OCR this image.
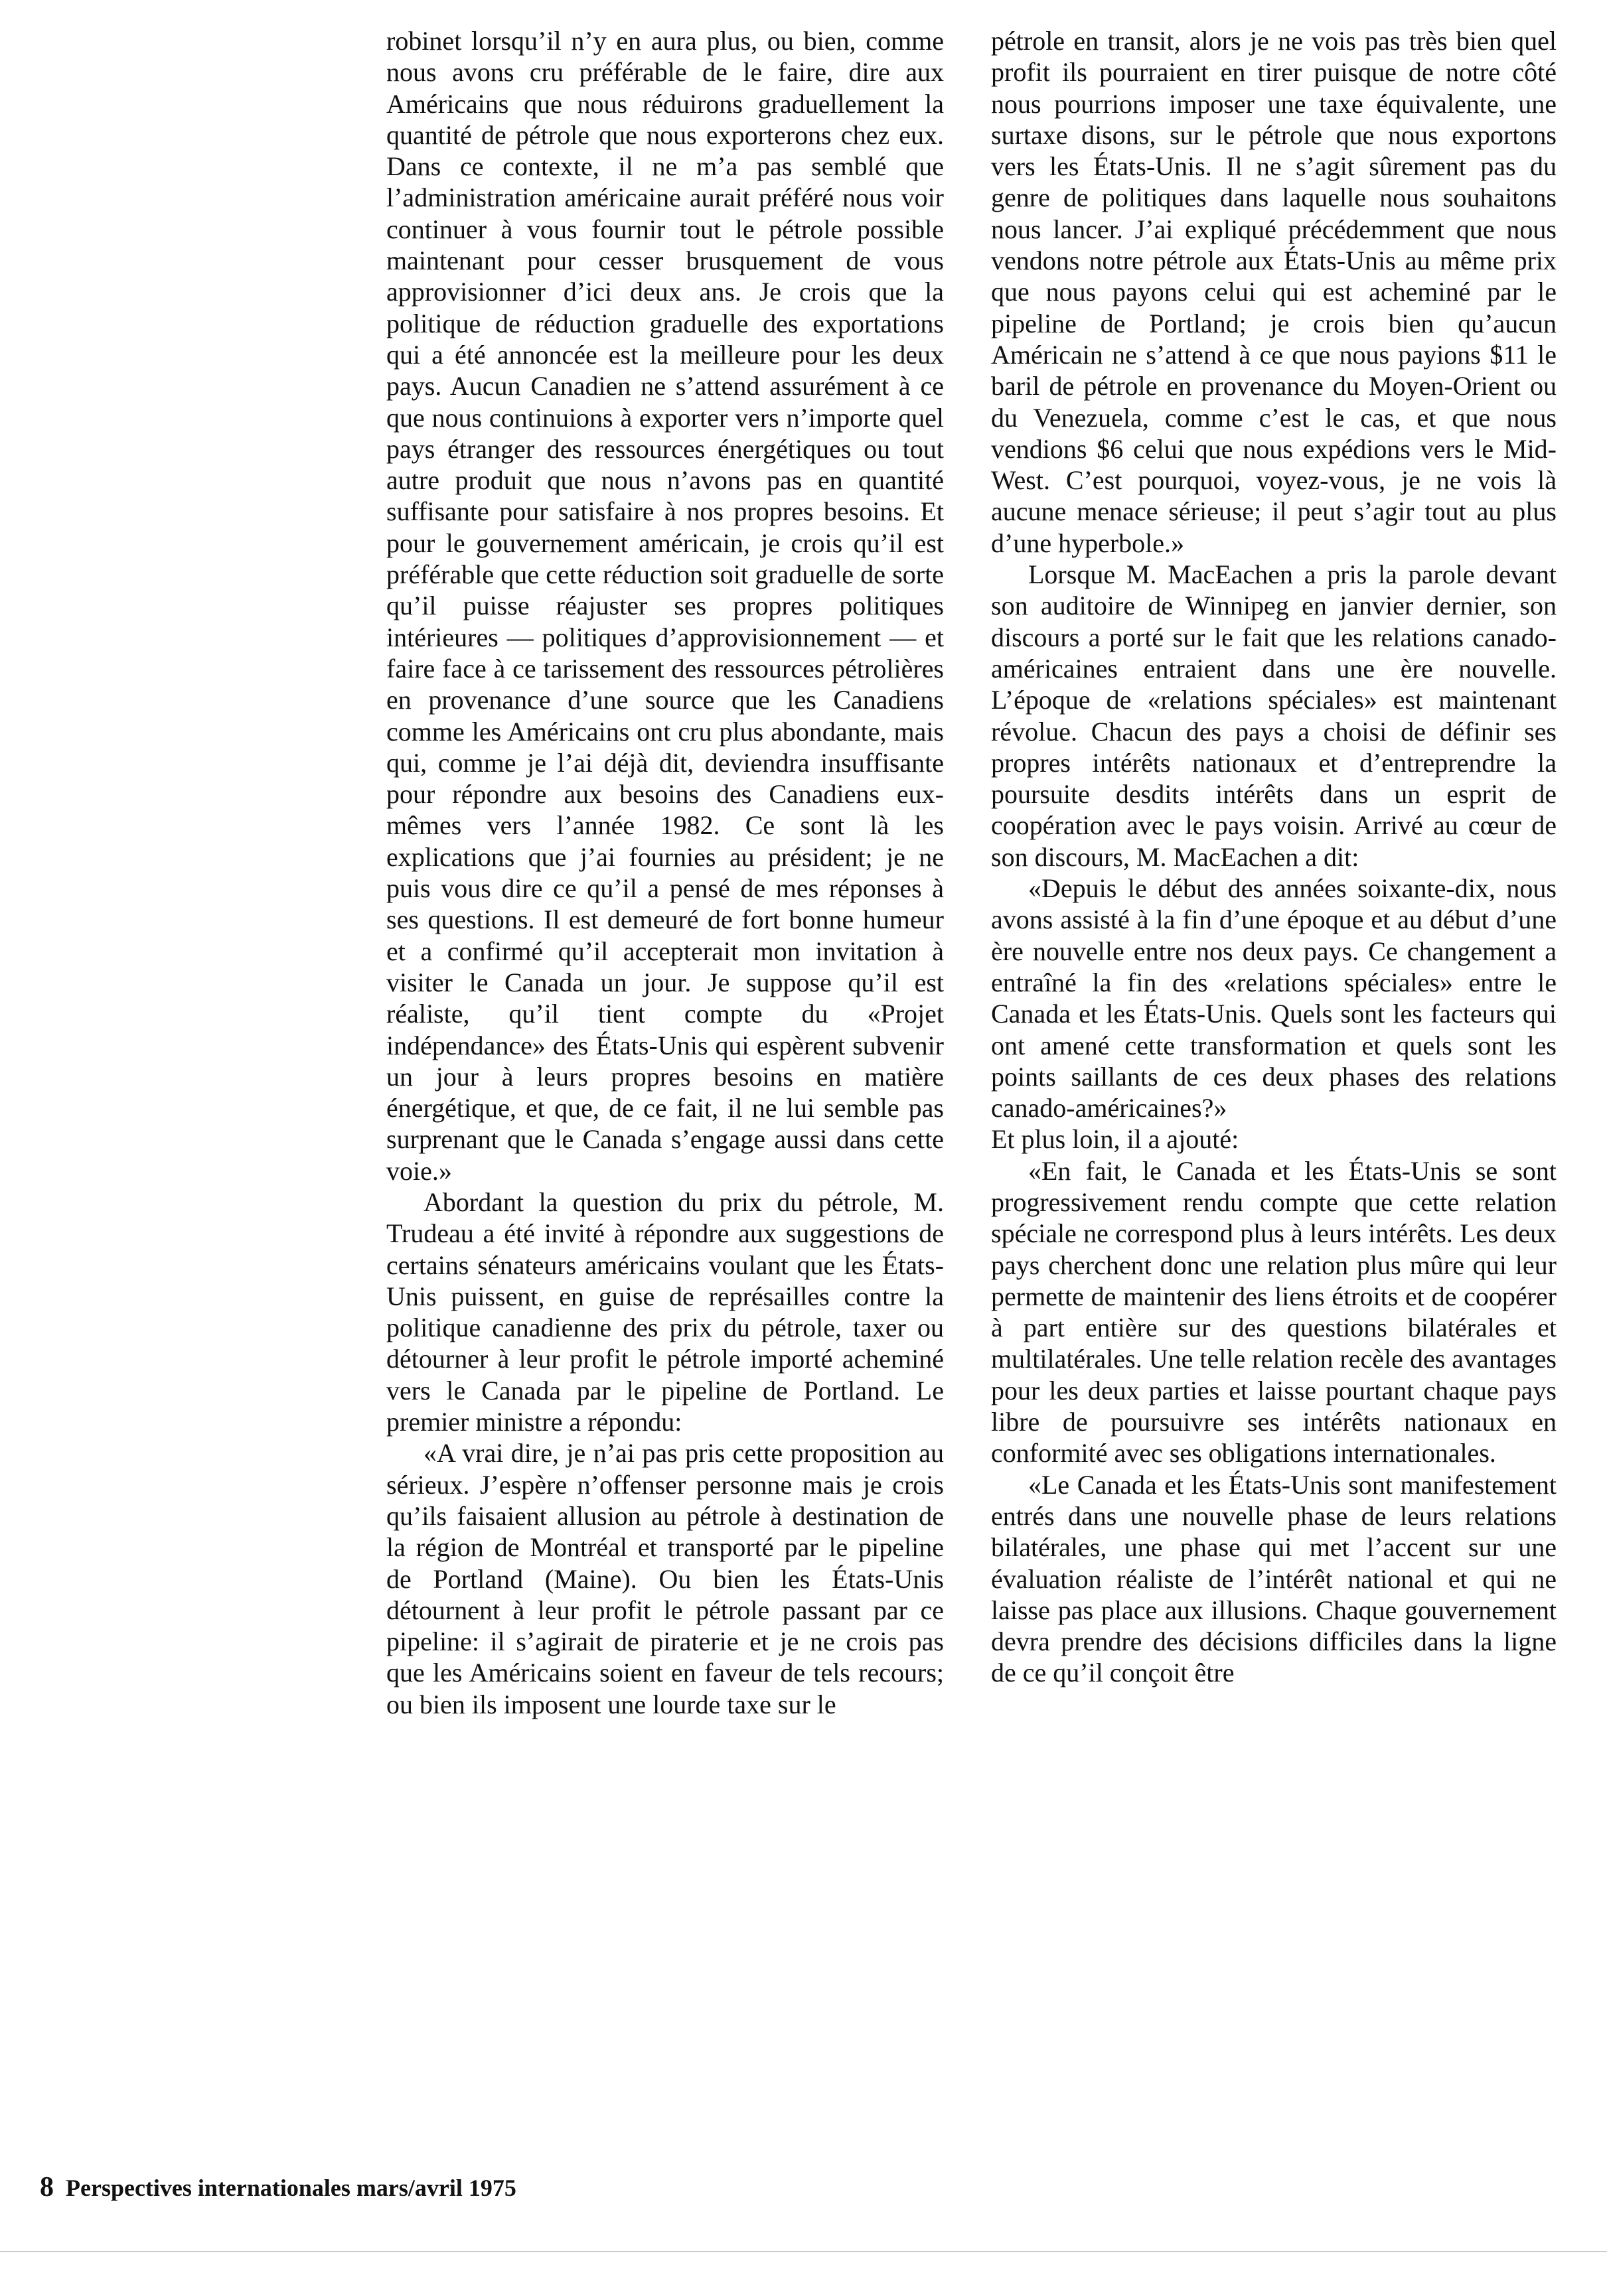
robinet lorsqu’il n’y en aura plus, ou bien, comme nous avons cru préférable de le faire, dire aux Américains que nous réduirons graduellement la quantité de pétrole que nous exporterons chez eux. Dans ce contexte, il ne m’a pas semblé que l’administration américaine aurait préféré nous voir continuer à vous fournir tout le pétrole possible maintenant pour cesser brusquement de vous approvisionner d’ici deux ans. Je crois que la politique de réduction graduelle des exportations qui a été annoncée est la meilleure pour les deux pays. Aucun Canadien ne s’attend assurément à ce que nous continuions à exporter vers n’importe quel pays étranger des ressources énergétiques ou tout autre produit que nous n’avons pas en quantité suffisante pour satisfaire à nos propres besoins. Et pour le gouvernement américain, je crois qu’il est préférable que cette réduction soit graduelle de sorte qu’il puisse réajuster ses propres politiques intérieures — politiques d’approvisionnement — et faire face à ce tarissement des ressources pétrolières en provenance d’une source que les Canadiens comme les Américains ont cru plus abondante, mais qui, comme je l’ai déjà dit, deviendra insuffisante pour répondre aux besoins des Canadiens eux-mêmes vers l’année 1982. Ce sont là les explications que j’ai fournies au président; je ne puis vous dire ce qu’il a pensé de mes réponses à ses questions. Il est demeuré de fort bonne humeur et a confirmé qu’il accepterait mon invitation à visiter le Canada un jour. Je suppose qu’il est réaliste, qu’il tient compte du «Projet indépendance» des États-Unis qui espèrent subvenir un jour à leurs propres besoins en matière énergétique, et que, de ce fait, il ne lui semble pas surprenant que le Canada s’engage aussi dans cette voie.»

Abordant la question du prix du pétrole, M. Trudeau a été invité à répondre aux suggestions de certains sénateurs américains voulant que les États-Unis puissent, en guise de représailles contre la politique canadienne des prix du pétrole, taxer ou détourner à leur profit le pétrole importé acheminé vers le Canada par le pipeline de Portland. Le premier ministre a répondu:

«A vrai dire, je n’ai pas pris cette proposition au sérieux. J’espère n’offenser personne mais je crois qu’ils faisaient allusion au pétrole à destination de la région de Montréal et transporté par le pipeline de Portland (Maine). Ou bien les États-Unis détournent à leur profit le pétrole passant par ce pipeline: il s’agirait de piraterie et je ne crois pas que les Américains soient en faveur de tels recours; ou bien ils imposent une lourde taxe sur le

pétrole en transit, alors je ne vois pas très bien quel profit ils pourraient en tirer puisque de notre côté nous pourrions imposer une taxe équivalente, une surtaxe disons, sur le pétrole que nous exportons vers les États-Unis. Il ne s’agit sûrement pas du genre de politiques dans laquelle nous souhaitons nous lancer. J’ai expliqué précédemment que nous vendons notre pétrole aux États-Unis au même prix que nous payons celui qui est acheminé par le pipeline de Portland; je crois bien qu’aucun Américain ne s’attend à ce que nous payions $11 le baril de pétrole en provenance du Moyen-Orient ou du Venezuela, comme c’est le cas, et que nous vendions $6 celui que nous expédions vers le Mid-West. C’est pourquoi, voyez-vous, je ne vois là aucune menace sérieuse; il peut s’agir tout au plus d’une hyperbole.»

Lorsque M. MacEachen a pris la parole devant son auditoire de Winnipeg en janvier dernier, son discours a porté sur le fait que les relations canado-américaines entraient dans une ère nouvelle. L’époque de «relations spéciales» est maintenant révolue. Chacun des pays a choisi de définir ses propres intérêts nationaux et d’entreprendre la poursuite desdits intérêts dans un esprit de coopération avec le pays voisin. Arrivé au cœur de son discours, M. MacEachen a dit:

«Depuis le début des années soixante-dix, nous avons assisté à la fin d’une époque et au début d’une ère nouvelle entre nos deux pays. Ce changement a entraîné la fin des «relations spéciales» entre le Canada et les États-Unis. Quels sont les facteurs qui ont amené cette transformation et quels sont les points saillants de ces deux phases des relations canado-américaines?»

Et plus loin, il a ajouté:

«En fait, le Canada et les États-Unis se sont progressivement rendu compte que cette relation spéciale ne correspond plus à leurs intérêts. Les deux pays cherchent donc une relation plus mûre qui leur permette de maintenir des liens étroits et de coopérer à part entière sur des questions bilatérales et multilatérales. Une telle relation recèle des avantages pour les deux parties et laisse pourtant chaque pays libre de poursuivre ses intérêts nationaux en conformité avec ses obligations internationales.

«Le Canada et les États-Unis sont manifestement entrés dans une nouvelle phase de leurs relations bilatérales, une phase qui met l’accent sur une évaluation réaliste de l’intérêt national et qui ne laisse pas place aux illusions. Chaque gouvernement devra prendre des décisions difficiles dans la ligne de ce qu’il conçoit être

8 Perspectives internationales mars/avril 1975
